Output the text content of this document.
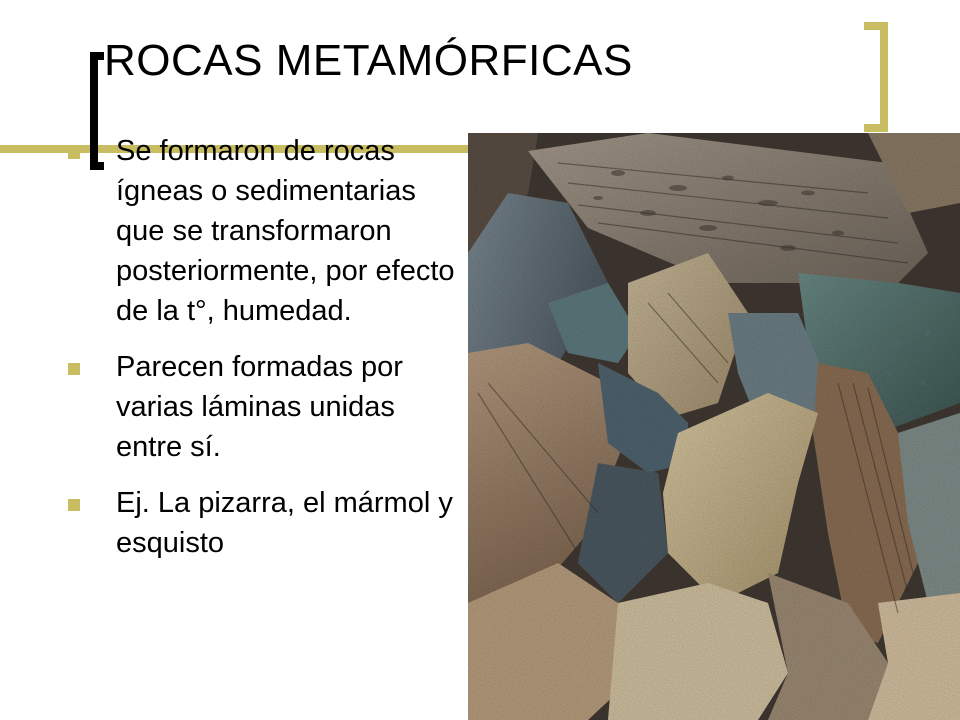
ROCAS METAMÓRFICAS
Se formaron de rocas ígneas o sedimentarias que se transformaron posteriormente, por efecto de la t°, humedad.
Parecen formadas por varias láminas unidas entre sí.
Ej. La pizarra, el mármol y esquisto
